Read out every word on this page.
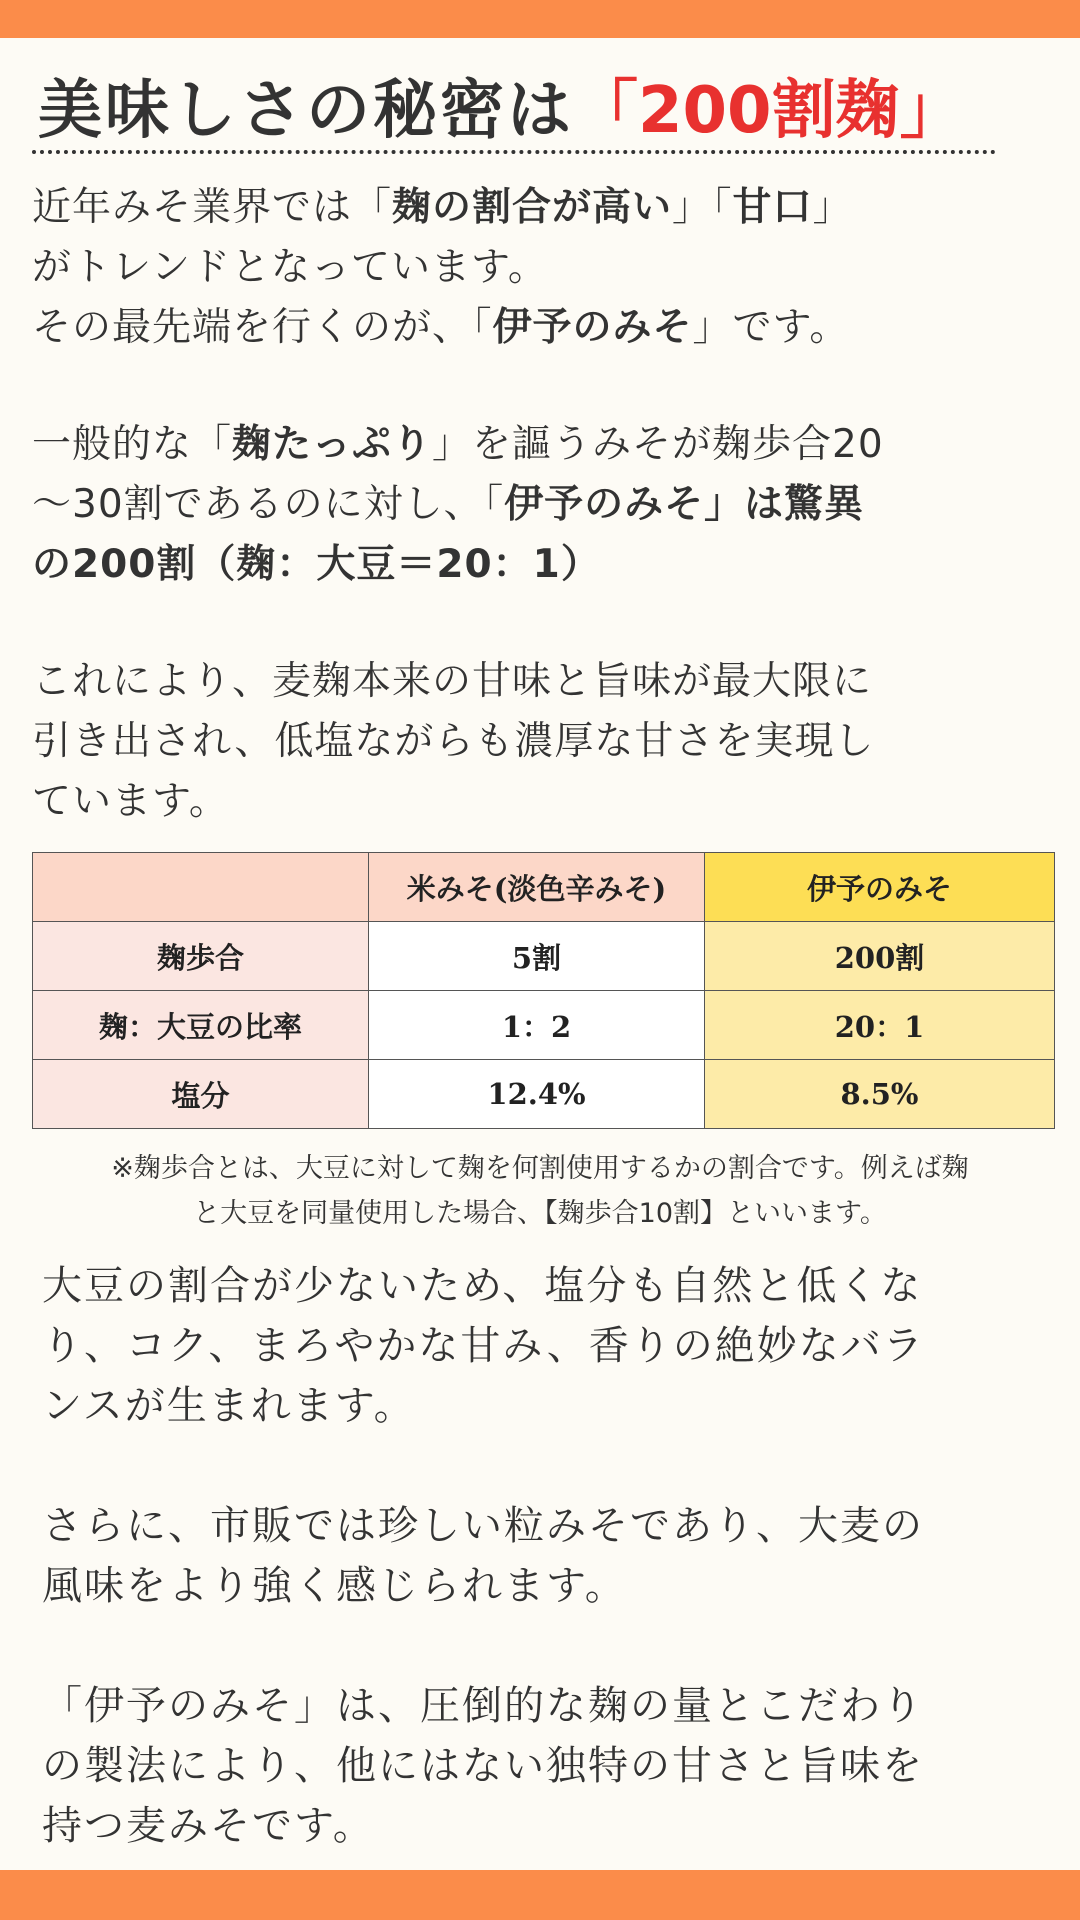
美味しさの秘密は「200割麹」

近年みそ業界では「麹の割合が高い」「甘口」
がトレンドとなっています。
その最先端を行くのが、「伊予のみそ」です。

一般的な「麹たっぷり」を謳うみそが麹歩合20
～30割であるのに対し、「伊予のみそ」は驚異
の200割（麹：大豆＝20：1）

これにより、麦麹本来の甘味と旨味が最大限に
引き出され、低塩ながらも濃厚な甘さを実現し
ています。

	米みそ(淡色辛みそ)	伊予のみそ
麹歩合	5割	200割
麹：大豆の比率	1：2	20：1
塩分	12.4%	8.5%

※麹歩合とは、大豆に対して麹を何割使用するかの割合です。例えば麹
と大豆を同量使用した場合、【麹歩合10割】といいます。

大豆の割合が少ないため、塩分も自然と低くな
り、コク、まろやかな甘み、香りの絶妙なバラ
ンスが生まれます。

さらに、市販では珍しい粒みそであり、大麦の
風味をより強く感じられます。

「伊予のみそ」は、圧倒的な麹の量とこだわり
の製法により、他にはない独特の甘さと旨味を
持つ麦みそです。
